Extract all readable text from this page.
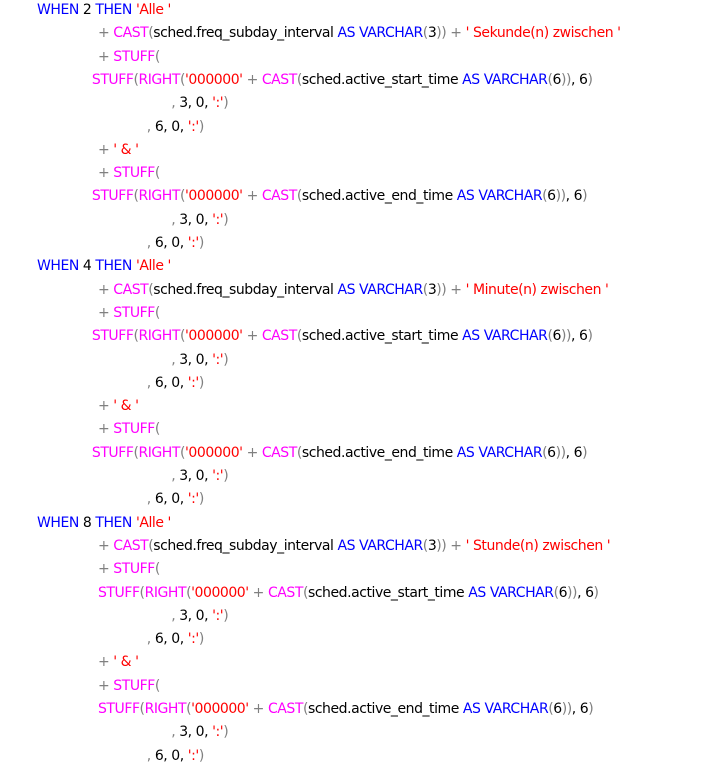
WHEN 2 THEN 'Alle '
+ CAST(sched.freq_subday_interval AS VARCHAR(3)) + ' Sekunde(n) zwischen '
+ STUFF(
STUFF(RIGHT('000000' + CAST(sched.active_start_time AS VARCHAR(6)), 6)
, 3, 0, ':')
, 6, 0, ':')
+ ' & '
+ STUFF(
STUFF(RIGHT('000000' + CAST(sched.active_end_time AS VARCHAR(6)), 6)
, 3, 0, ':')
, 6, 0, ':')
WHEN 4 THEN 'Alle '
+ CAST(sched.freq_subday_interval AS VARCHAR(3)) + ' Minute(n) zwischen '
+ STUFF(
STUFF(RIGHT('000000' + CAST(sched.active_start_time AS VARCHAR(6)), 6)
, 3, 0, ':')
, 6, 0, ':')
+ ' & '
+ STUFF(
STUFF(RIGHT('000000' + CAST(sched.active_end_time AS VARCHAR(6)), 6)
, 3, 0, ':')
, 6, 0, ':')
WHEN 8 THEN 'Alle '
+ CAST(sched.freq_subday_interval AS VARCHAR(3)) + ' Stunde(n) zwischen '
+ STUFF(
STUFF(RIGHT('000000' + CAST(sched.active_start_time AS VARCHAR(6)), 6)
, 3, 0, ':')
, 6, 0, ':')
+ ' & '
+ STUFF(
STUFF(RIGHT('000000' + CAST(sched.active_end_time AS VARCHAR(6)), 6)
, 3, 0, ':')
, 6, 0, ':')
